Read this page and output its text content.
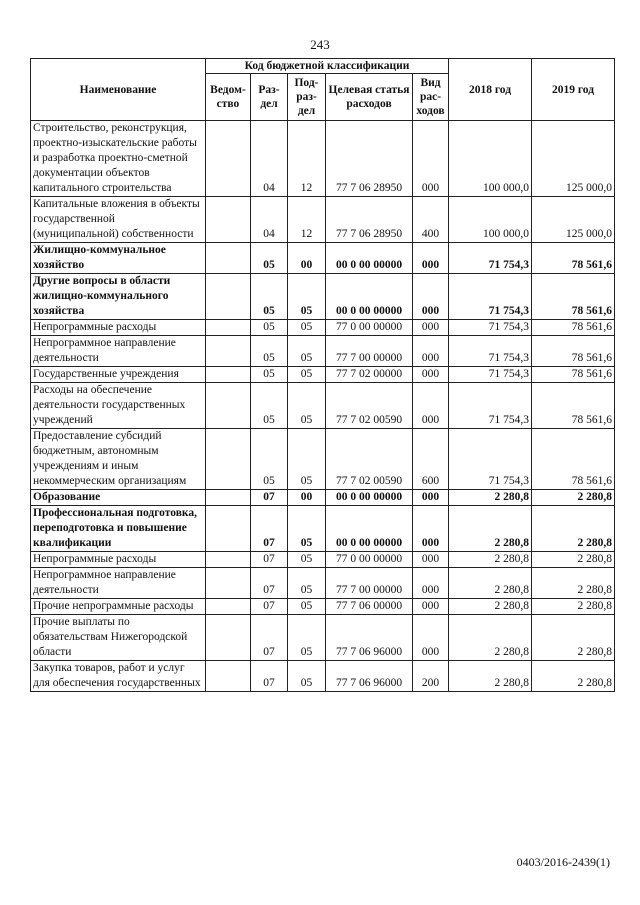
243
Наименование	Код бюджетной классификации					2018 год	2019 год
	Ведом-ство	Раз-дел	Под-раз-дел	Целевая статья расходов	Вид рас-ходов		
Строительство, реконструкция, проектно-изыскательские работы и разработка проектно-сметной документации объектов капитального строительства		04	12	77 7 06 28950	000	100 000,0	125 000,0
Капитальные вложения в объекты государственной (муниципальной) собственности		04	12	77 7 06 28950	400	100 000,0	125 000,0
Жилищно-коммунальное хозяйство		05	00	00 0 00 00000	000	71 754,3	78 561,6
Другие вопросы в области жилищно-коммунального хозяйства		05	05	00 0 00 00000	000	71 754,3	78 561,6
Непрограммные расходы		05	05	77 0 00 00000	000	71 754,3	78 561,6
Непрограммное направление деятельности		05	05	77 7 00 00000	000	71 754,3	78 561,6
Государственные учреждения		05	05	77 7 02 00000	000	71 754,3	78 561,6
Расходы на обеспечение деятельности государственных учреждений		05	05	77 7 02 00590	000	71 754,3	78 561,6
Предоставление субсидий бюджетным, автономным учреждениям и иным некоммерческим организациям		05	05	77 7 02 00590	600	71 754,3	78 561,6
Образование		07	00	00 0 00 00000	000	2 280,8	2 280,8
Профессиональная подготовка, переподготовка и повышение квалификации		07	05	00 0 00 00000	000	2 280,8	2 280,8
Непрограммные расходы		07	05	77 0 00 00000	000	2 280,8	2 280,8
Непрограммное направление деятельности		07	05	77 7 00 00000	000	2 280,8	2 280,8
Прочие непрограммные расходы		07	05	77 7 06 00000	000	2 280,8	2 280,8
Прочие выплаты по обязательствам Нижегородской области		07	05	77 7 06 96000	000	2 280,8	2 280,8
Закупка товаров, работ и услуг для обеспечения государственных		07	05	77 7 06 96000	200	2 280,8	2 280,8
0403/2016-2439(1)
